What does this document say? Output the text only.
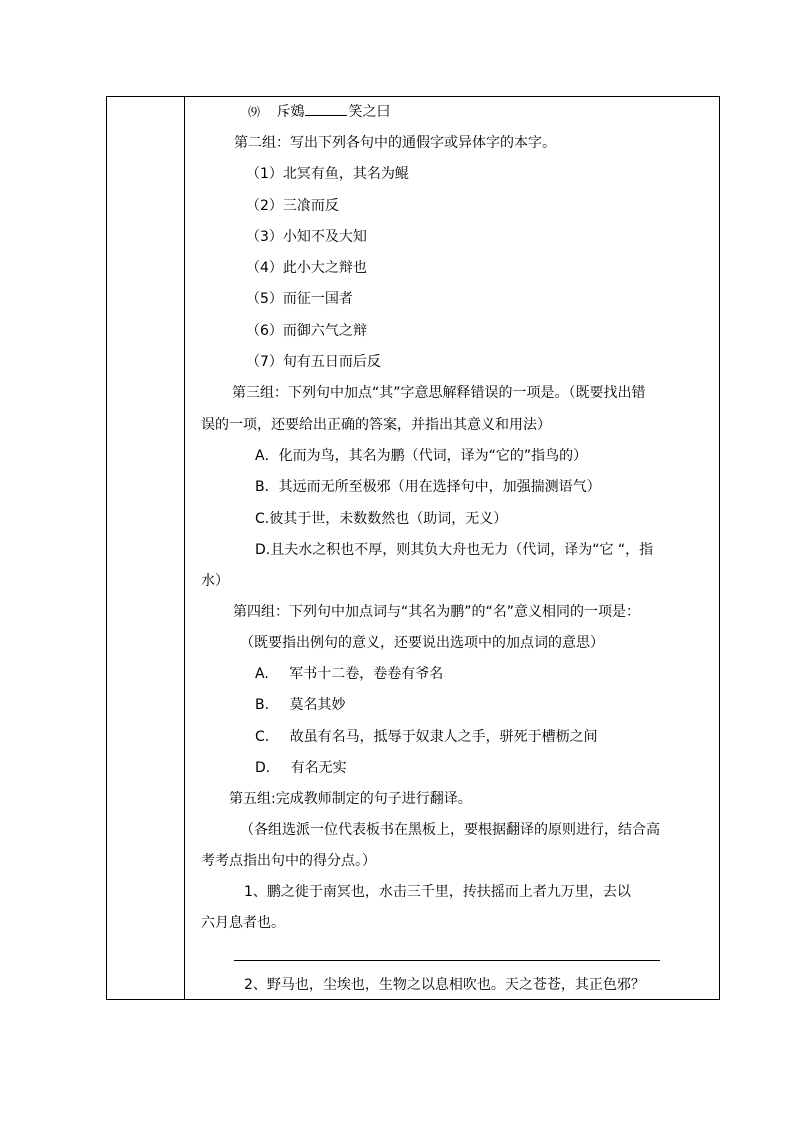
⑼ 斥鴳	笑之曰
第二组：写出下列各句中的通假字或异体字的本字。
（1）北冥有鱼，其名为鲲
（2）三飡而反
（3）小知不及大知
（4）此小大之辩也
（5）而征一国者
（6）而御六气之辩
（7）旬有五日而后反
第三组：下列句中加点“其”字意思解释错误的一项是。（既要找出错
误的一项，还要给出正确的答案，并指出其意义和用法）
A．化而为鸟，其名为鹏（代词，译为“它的”指鸟的）
B．其远而无所至极邪（用在选择句中，加强揣测语气）
C.彼其于世，未数数然也（助词，无义）
D.且夫水之积也不厚，则其负大舟也无力（代词，译为“它 “，指
水）
第四组：下列句中加点词与“其名为鹏”的“名”意义相同的一项是：
（既要指出例句的意义，还要说出选项中的加点词的意思）
A. 军书十二卷，卷卷有爷名
B. 莫名其妙
C. 故虽有名马，抵辱于奴隶人之手，骈死于槽枥之间
D. 有名无实
第五组:完成教师制定的句子进行翻译。
（各组选派一位代表板书在黑板上，要根据翻译的原则进行，结合高
考考点指出句中的得分点。）
1、鹏之徙于南冥也，水击三千里，抟扶摇而上者九万里，去以
六月息者也。
2、野马也，尘埃也，生物之以息相吹也。天之苍苍，其正色邪？
